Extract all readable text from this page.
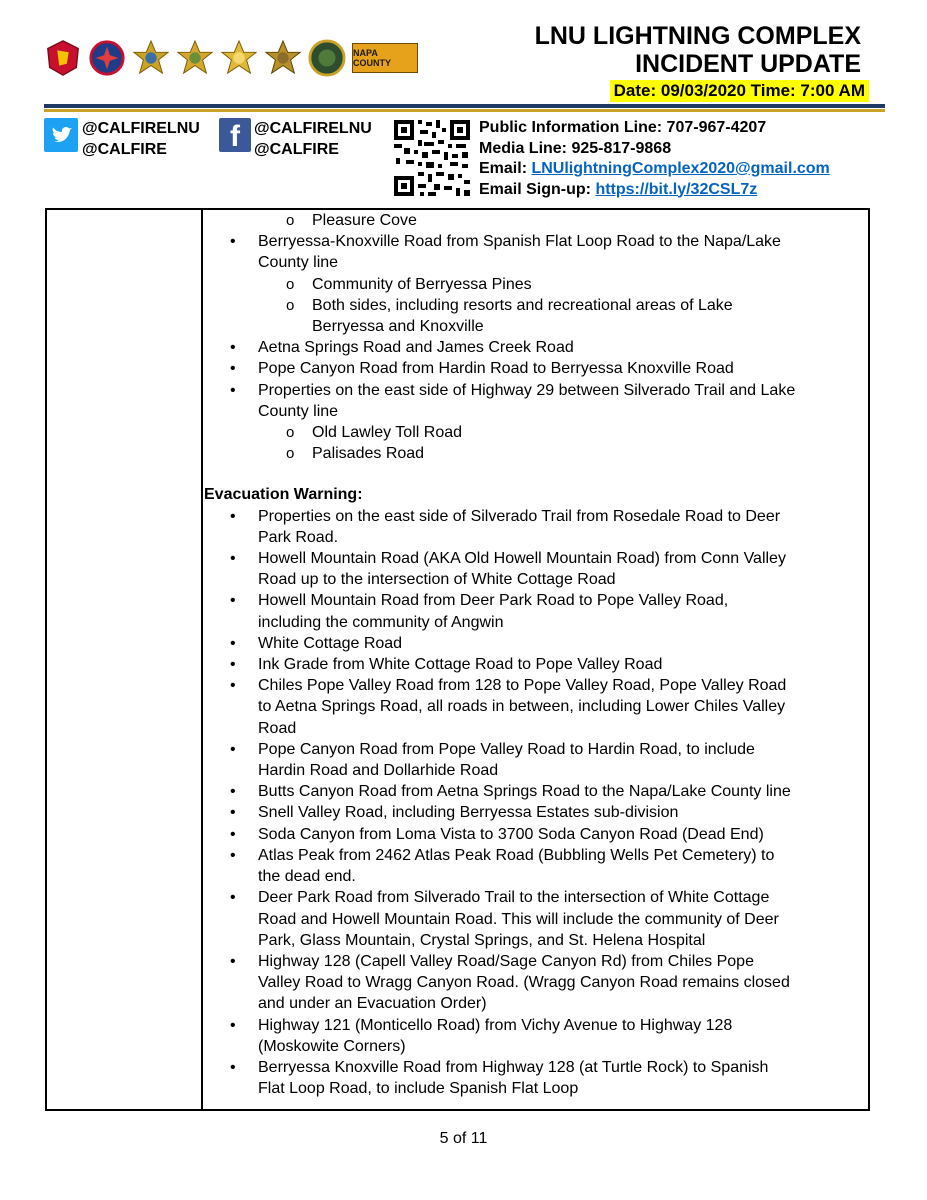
NAPA COUNTY
LNU LIGHTNING COMPLEX
INCIDENT UPDATE
Date: 09/03/2020 Time: 7:00 AM
@CALFIRELNU
@CALFIRE	f @CALFIRELNU
@CALFIRE
Public Information Line: 707-967-4207
Media Line: 925-817-9868
Email: LNUlightningComplex2020@gmail.com
Email Sign-up: https://bit.ly/32CSL7z
o Pleasure Cove
• Berryessa-Knoxville Road from Spanish Flat Loop Road to the Napa/Lake
County line
o Community of Berryessa Pines
o Both sides, including resorts and recreational areas of Lake
Berryessa and Knoxville
• Aetna Springs Road and James Creek Road
• Pope Canyon Road from Hardin Road to Berryessa Knoxville Road
• Properties on the east side of Highway 29 between Silverado Trail and Lake
County line
o Old Lawley Toll Road
o Palisades Road
Evacuation Warning:
• Properties on the east side of Silverado Trail from Rosedale Road to Deer
Park Road.
• Howell Mountain Road (AKA Old Howell Mountain Road) from Conn Valley
Road up to the intersection of White Cottage Road
• Howell Mountain Road from Deer Park Road to Pope Valley Road,
including the community of Angwin
• White Cottage Road
• Ink Grade from White Cottage Road to Pope Valley Road
• Chiles Pope Valley Road from 128 to Pope Valley Road, Pope Valley Road
to Aetna Springs Road, all roads in between, including Lower Chiles Valley
Road
• Pope Canyon Road from Pope Valley Road to Hardin Road, to include
Hardin Road and Dollarhide Road
• Butts Canyon Road from Aetna Springs Road to the Napa/Lake County line
• Snell Valley Road, including Berryessa Estates sub-division
• Soda Canyon from Loma Vista to 3700 Soda Canyon Road (Dead End)
• Atlas Peak from 2462 Atlas Peak Road (Bubbling Wells Pet Cemetery) to
the dead end.
• Deer Park Road from Silverado Trail to the intersection of White Cottage
Road and Howell Mountain Road. This will include the community of Deer
Park, Glass Mountain, Crystal Springs, and St. Helena Hospital
• Highway 128 (Capell Valley Road/Sage Canyon Rd) from Chiles Pope
Valley Road to Wragg Canyon Road. (Wragg Canyon Road remains closed
and under an Evacuation Order)
• Highway 121 (Monticello Road) from Vichy Avenue to Highway 128
(Moskowite Corners)
• Berryessa Knoxville Road from Highway 128 (at Turtle Rock) to Spanish
Flat Loop Road, to include Spanish Flat Loop
5 of 11
